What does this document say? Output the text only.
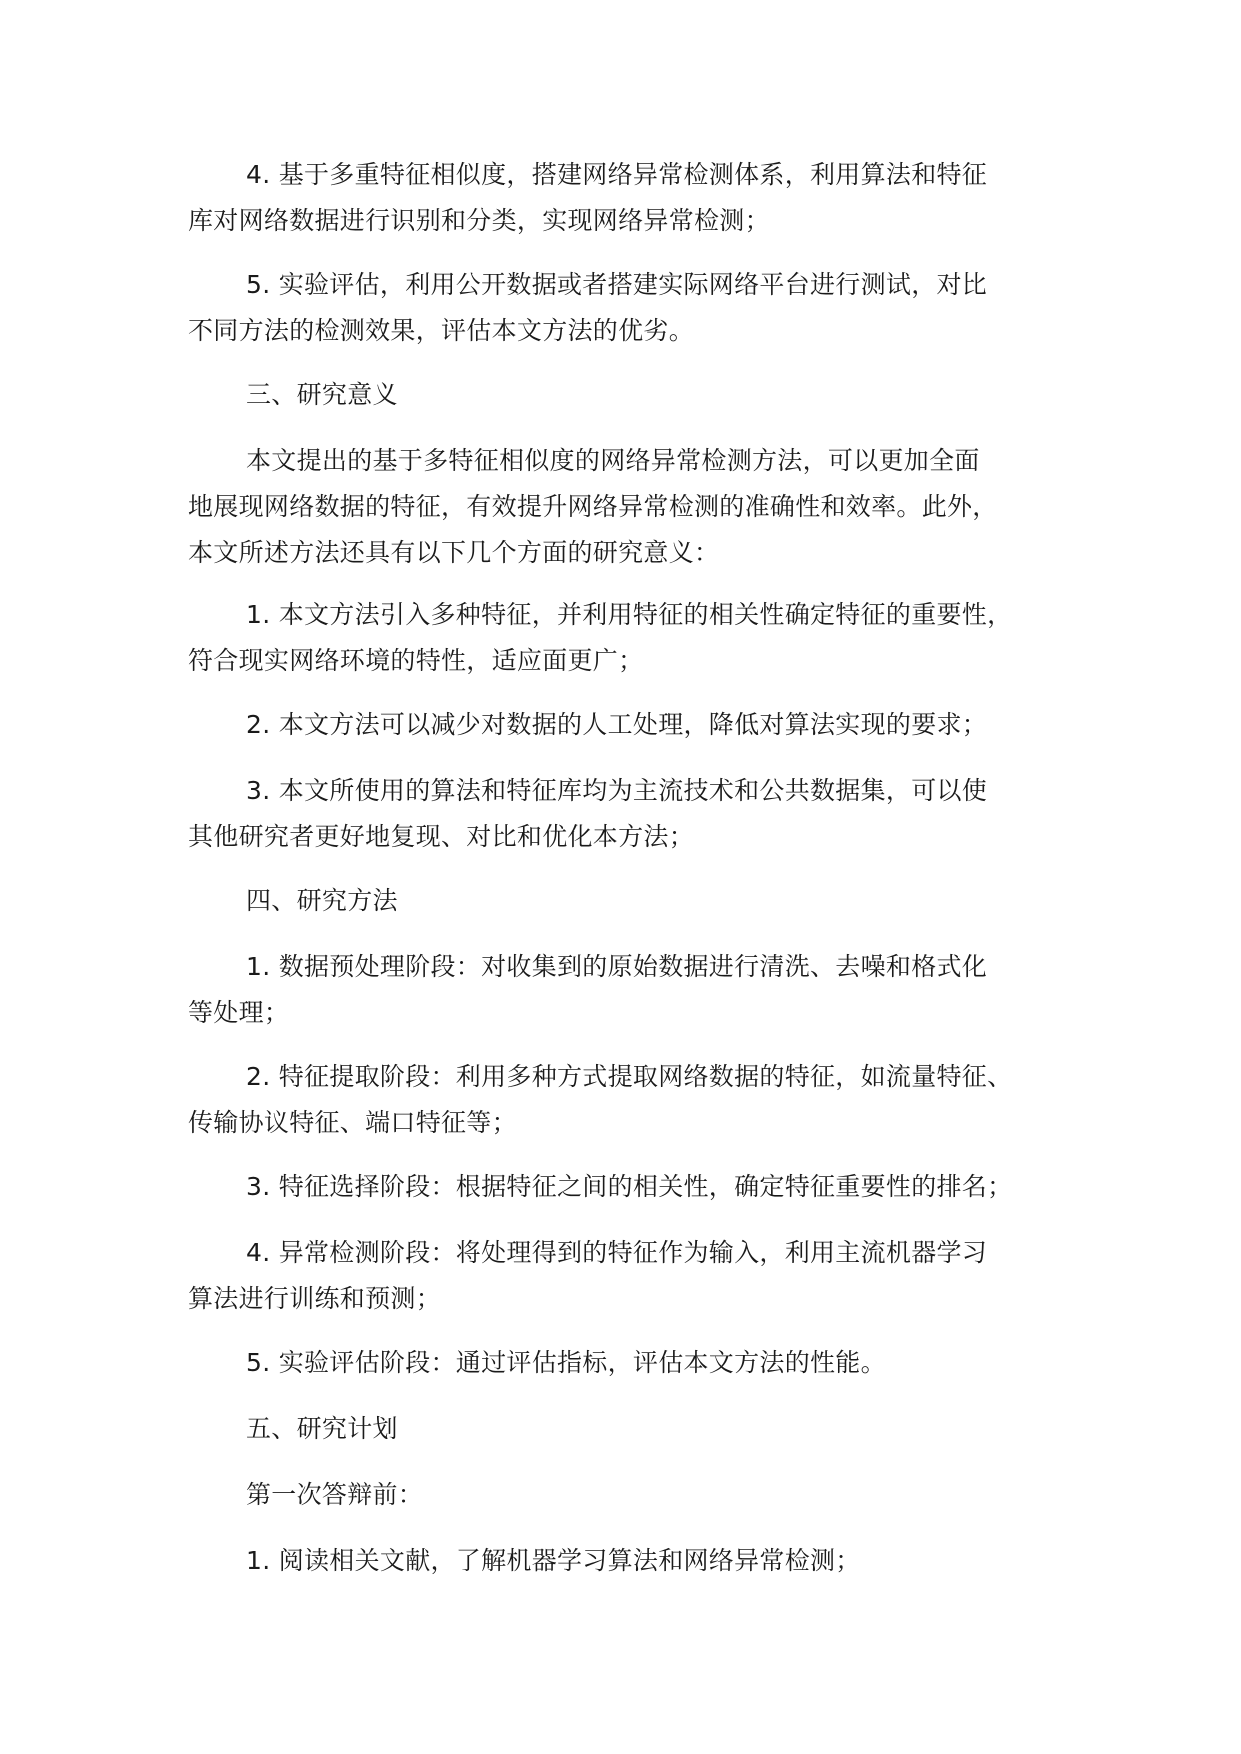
4. 基于多重特征相似度，搭建网络异常检测体系，利用算法和特征
库对网络数据进行识别和分类，实现网络异常检测；

5. 实验评估，利用公开数据或者搭建实际网络平台进行测试，对比
不同方法的检测效果，评估本文方法的优劣。

三、研究意义

本文提出的基于多特征相似度的网络异常检测方法，可以更加全面
地展现网络数据的特征，有效提升网络异常检测的准确性和效率。此外，
本文所述方法还具有以下几个方面的研究意义：

1. 本文方法引入多种特征，并利用特征的相关性确定特征的重要性，
符合现实网络环境的特性，适应面更广；

2. 本文方法可以减少对数据的人工处理，降低对算法实现的要求；

3. 本文所使用的算法和特征库均为主流技术和公共数据集，可以使
其他研究者更好地复现、对比和优化本方法；

四、研究方法

1. 数据预处理阶段：对收集到的原始数据进行清洗、去噪和格式化
等处理；

2. 特征提取阶段：利用多种方式提取网络数据的特征，如流量特征、
传输协议特征、端口特征等；

3. 特征选择阶段：根据特征之间的相关性，确定特征重要性的排名；

4. 异常检测阶段：将处理得到的特征作为输入，利用主流机器学习
算法进行训练和预测；

5. 实验评估阶段：通过评估指标，评估本文方法的性能。

五、研究计划

第一次答辩前：

1. 阅读相关文献，了解机器学习算法和网络异常检测；
